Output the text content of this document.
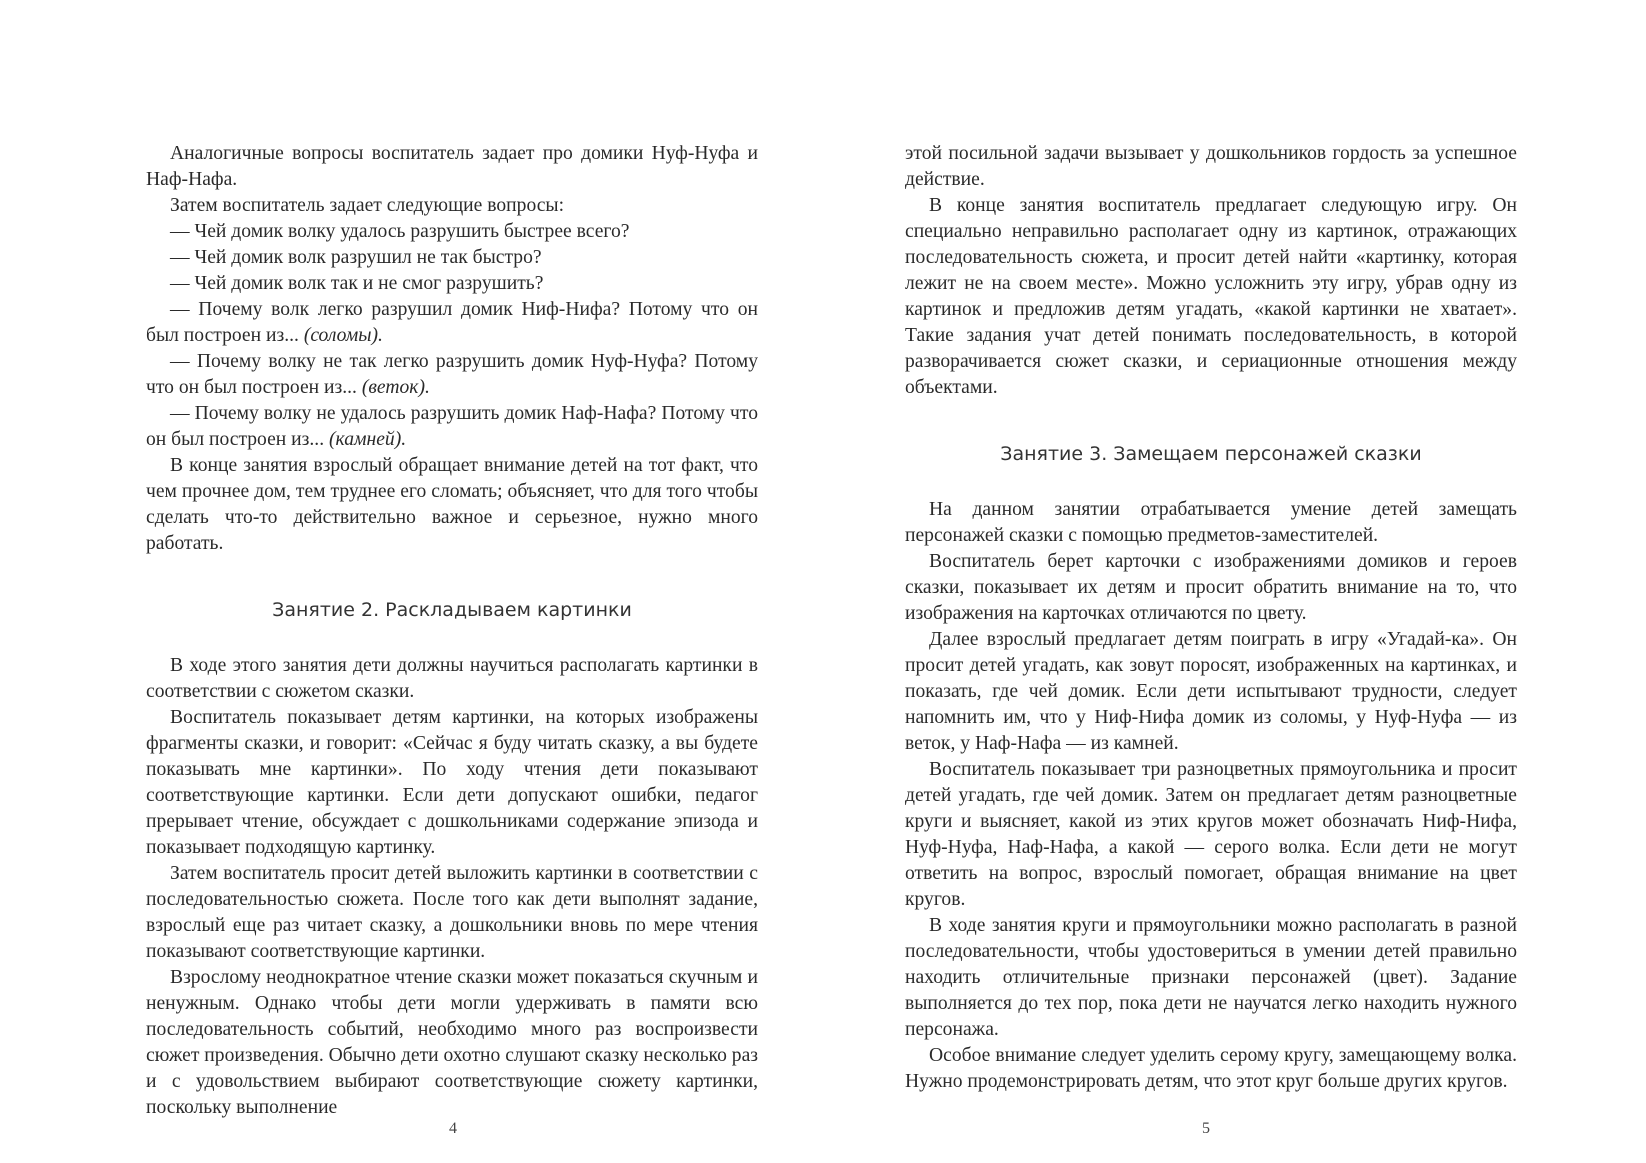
Аналогичные вопросы воспитатель задает про домики Нуф-Нуфа и Наф-Нафа.

Затем воспитатель задает следующие вопросы:

— Чей домик волку удалось разрушить быстрее всего?

— Чей домик волк разрушил не так быстро?

— Чей домик волк так и не смог разрушить?

— Почему волк легко разрушил домик Ниф-Нифа? Потому что он был построен из... (соломы).

— Почему волку не так легко разрушить домик Нуф-Нуфа? Потому что он был построен из... (веток).

— Почему волку не удалось разрушить домик Наф-Нафа? Потому что он был построен из... (камней).

В конце занятия взрослый обращает внимание детей на тот факт, что чем прочнее дом, тем труднее его сломать; объясняет, что для того чтобы сделать что-то действительно важное и серьезное, нужно много работать.

Занятие 2. Раскладываем картинки

В ходе этого занятия дети должны научиться располагать картинки в соответствии с сюжетом сказки.

Воспитатель показывает детям картинки, на которых изображены фрагменты сказки, и говорит: «Сейчас я буду читать сказку, а вы будете показывать мне картинки». По ходу чтения дети показывают соответствующие картинки. Если дети допускают ошибки, педагог прерывает чтение, обсуждает с дошкольниками содержание эпизода и показывает подходящую картинку.

Затем воспитатель просит детей выложить картинки в соответствии с последовательностью сюжета. После того как дети выполнят задание, взрослый еще раз читает сказку, а дошкольники вновь по мере чтения показывают соответствующие картинки.

Взрослому неоднократное чтение сказки может показаться скучным и ненужным. Однако чтобы дети могли удерживать в памяти всю последовательность событий, необходимо много раз воспроизвести сюжет произведения. Обычно дети охотно слушают сказку несколько раз и с удовольствием выбирают соответствующие сюжету картинки, поскольку выполнение

4

этой посильной задачи вызывает у дошкольников гордость за успешное действие.

В конце занятия воспитатель предлагает следующую игру. Он специально неправильно располагает одну из картинок, отражающих последовательность сюжета, и просит детей найти «картинку, которая лежит не на своем месте». Можно усложнить эту игру, убрав одну из картинок и предложив детям угадать, «какой картинки не хватает». Такие задания учат детей понимать последовательность, в которой разворачивается сюжет сказки, и сериационные отношения между объектами.

Занятие 3. Замещаем персонажей сказки

На данном занятии отрабатывается умение детей замещать персонажей сказки с помощью предметов-заместителей.

Воспитатель берет карточки с изображениями домиков и героев сказки, показывает их детям и просит обратить внимание на то, что изображения на карточках отличаются по цвету.

Далее взрослый предлагает детям поиграть в игру «Угадай-ка». Он просит детей угадать, как зовут поросят, изображенных на картинках, и показать, где чей домик. Если дети испытывают трудности, следует напомнить им, что у Ниф-Нифа домик из соломы, у Нуф-Нуфа — из веток, у Наф-Нафа — из камней.

Воспитатель показывает три разноцветных прямоугольника и просит детей угадать, где чей домик. Затем он предлагает детям разноцветные круги и выясняет, какой из этих кругов может обозначать Ниф-Нифа, Нуф-Нуфа, Наф-Нафа, а какой — серого волка. Если дети не могут ответить на вопрос, взрослый помогает, обращая внимание на цвет кругов.

В ходе занятия круги и прямоугольники можно располагать в разной последовательности, чтобы удостовериться в умении детей правильно находить отличительные признаки персонажей (цвет). Задание выполняется до тех пор, пока дети не научатся легко находить нужного персонажа.

Особое внимание следует уделить серому кругу, замещающему волка. Нужно продемонстрировать детям, что этот круг больше других кругов.

5
